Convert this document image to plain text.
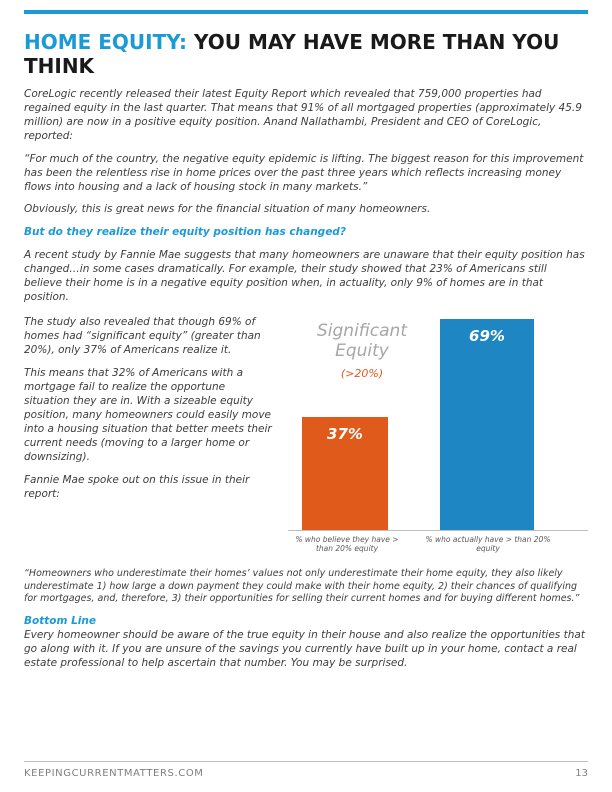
HOME EQUITY: YOU MAY HAVE MORE THAN YOU THINK

CoreLogic recently released their latest Equity Report which revealed that 759,000 properties had regained equity in the last quarter. That means that 91% of all mortgaged properties (approximately 45.9 million) are now in a positive equity position. Anand Nallathambi, President and CEO of CoreLogic, reported:

“For much of the country, the negative equity epidemic is lifting. The biggest reason for this improvement has been the relentless rise in home prices over the past three years which reflects increasing money flows into housing and a lack of housing stock in many markets.”

Obviously, this is great news for the financial situation of many homeowners.

But do they realize their equity position has changed?

A recent study by Fannie Mae suggests that many homeowners are unaware that their equity position has changed…in some cases dramatically. For example, their study showed that 23% of Americans still believe their home is in a negative equity position when, in actuality, only 9% of homes are in that position.

The study also revealed that though 69% of homes had “significant equity” (greater than 20%), only 37% of Americans realize it.

This means that 32% of Americans with a mortgage fail to realize the opportune situation they are in. With a sizeable equity position, many homeowners could easily move into a housing situation that better meets their current needs (moving to a larger home or downsizing).

Fannie Mae spoke out on this issue in their report:

Significant Equity
(>20%)
37%
69%
% who believe they have > than 20% equity
% who actually have > than 20% equity

“Homeowners who underestimate their homes’ values not only underestimate their home equity, they also likely underestimate 1) how large a down payment they could make with their home equity, 2) their chances of qualifying for mortgages, and, therefore, 3) their opportunities for selling their current homes and for buying different homes.”

Bottom Line

Every homeowner should be aware of the true equity in their house and also realize the opportunities that go along with it. If you are unsure of the savings you currently have built up in your home, contact a real estate professional to help ascertain that number. You may be surprised.

KEEPINGCURRENTMATTERS.COM	13
